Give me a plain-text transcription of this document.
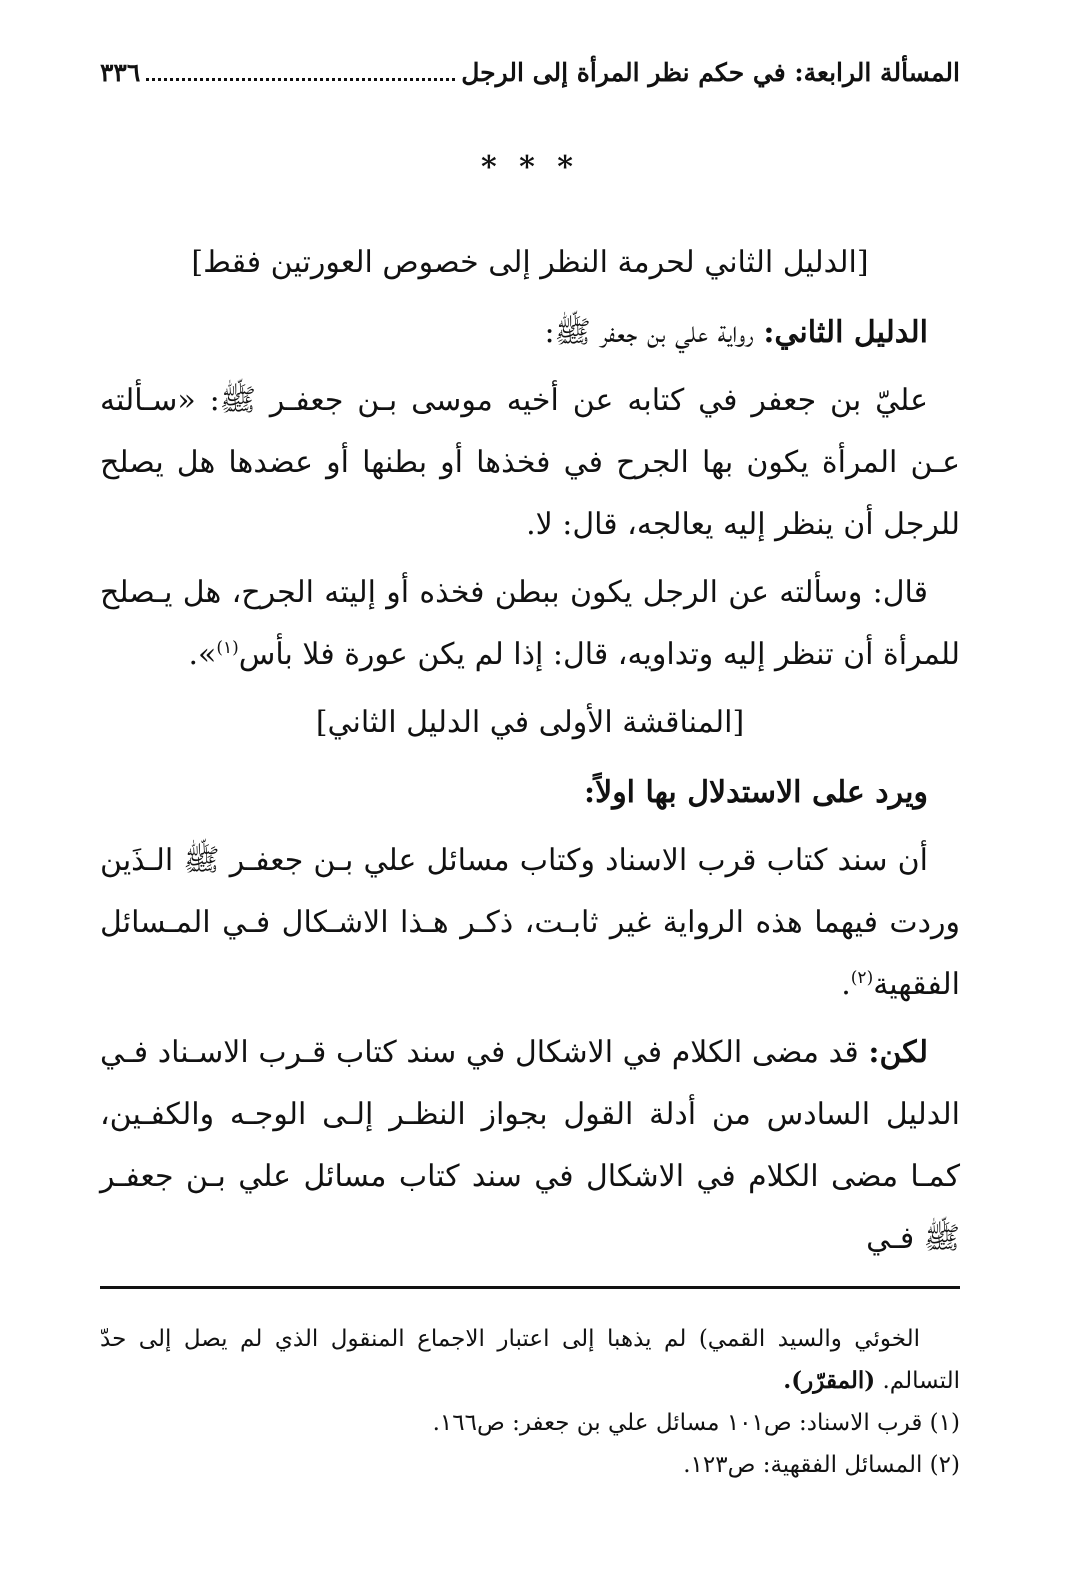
المسألة الرابعة: في حكم نظر المرأة إلى الرجل
٣٣٦
* * *

[الدليل الثاني لحرمة النظر إلى خصوص العورتين فقط]

الدليل الثاني: رواية علي بن جعفر ﷺ:

عليّ بن جعفر في كتابه عن أخيه موسى بـن جعفـر ﷺ: «سـألته عـن المرأة يكون بها الجرح في فخذها أو بطنها أو عضدها هل يصلح للرجل أن ينظر إليه يعالجه، قال: لا.

قال: وسألته عن الرجل يكون ببطن فخذه أو إليته الجرح، هل يـصلح للمرأة أن تنظر إليه وتداويه، قال: إذا لم يكن عورة فلا بأس$^{(١)}$».

[المناقشة الأولى في الدليل الثاني]

ويرد على الاستدلال بها اولاً:

أن سند كتاب قرب الاسناد وكتاب مسائل علي بـن جعفـر ﷺ الـذَين وردت فيهما هذه الرواية غير ثابـت، ذكـر هـذا الاشـكال فـي المـسائل الفقهية$^{(٢)}$.

لكن: قد مضى الكلام في الاشكال في سند كتاب قـرب الاسـناد فـي الدليل السادس من أدلة القول بجواز النظـر إلـى الوجـه والكفـين، كمـا مضى الكلام في الاشكال في سند كتاب مسائل علي بـن جعفـر ﷺ فـي

الخوئي والسيد القمي) لم يذهبا إلى اعتبار الاجماع المنقول الذي لم يصل إلى حدّ التسالم. (المقرّر).

(١) قرب الاسناد: ص١٠١ مسائل علي بن جعفر: ص١٦٦.

(٢) المسائل الفقهية: ص١٢٣.
